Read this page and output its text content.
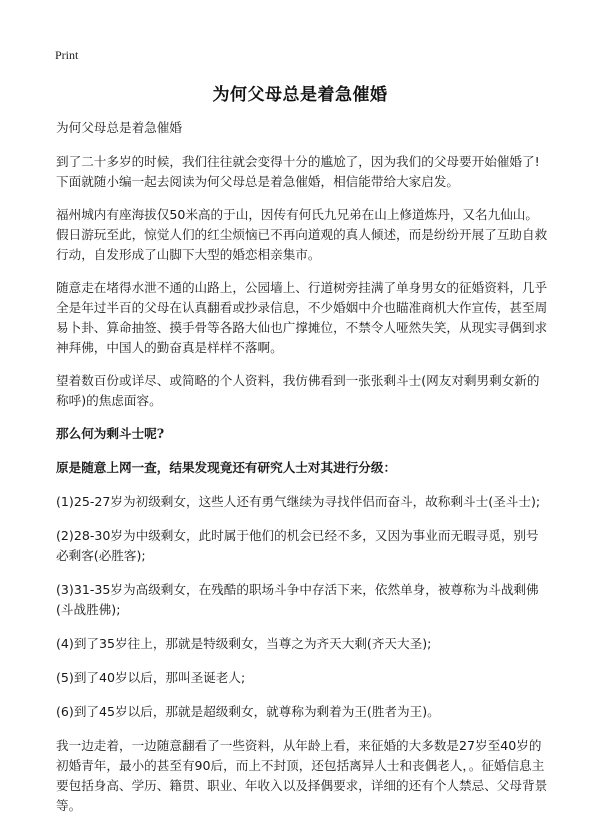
Print
为何父母总是着急催婚

为何父母总是着急催婚

到了二十多岁的时候，我们往往就会变得十分的尴尬了，因为我们的父母要开始催婚了!下面就随小编一起去阅读为何父母总是着急催婚，相信能带给大家启发。

福州城内有座海拔仅50米高的于山，因传有何氏九兄弟在山上修道炼丹，又名九仙山。假日游玩至此，惊觉人们的红尘烦恼已不再向道观的真人倾述，而是纷纷开展了互助自救行动，自发形成了山脚下大型的婚恋相亲集市。

随意走在堵得水泄不通的山路上，公园墙上、行道树旁挂满了单身男女的征婚资料，几乎全是年过半百的父母在认真翻看或抄录信息，不少婚姻中介也瞄准商机大作宣传，甚至周易卜卦、算命抽签、摸手骨等各路大仙也广撑摊位，不禁令人哑然失笑，从现实寻偶到求神拜佛，中国人的勤奋真是样样不落啊。

望着数百份或详尽、或简略的个人资料，我仿佛看到一张张剩斗士(网友对剩男剩女新的称呼)的焦虑面容。

那么何为剩斗士呢?

原是随意上网一查，结果发现竟还有研究人士对其进行分级：

(1)25-27岁为初级剩女，这些人还有勇气继续为寻找伴侣而奋斗，故称剩斗士(圣斗士);

(2)28-30岁为中级剩女，此时属于他们的机会已经不多，又因为事业而无暇寻觅，别号必剩客(必胜客);

(3)31-35岁为高级剩女，在残酷的职场斗争中存活下来，依然单身，被尊称为斗战剩佛(斗战胜佛);

(4)到了35岁往上，那就是特级剩女，当尊之为齐天大剩(齐天大圣);

(5)到了40岁以后，那叫圣诞老人;

(6)到了45岁以后，那就是超级剩女，就尊称为剩着为王(胜者为王)。

我一边走着，一边随意翻看了一些资料，从年龄上看，来征婚的大多数是27岁至40岁的初婚青年，最小的甚至有90后，而上不封顶，还包括离异人士和丧偶老人，。征婚信息主要包括身高、学历、籍贯、职业、年收入以及择偶要求，详细的还有个人禁忌、父母背景等。
